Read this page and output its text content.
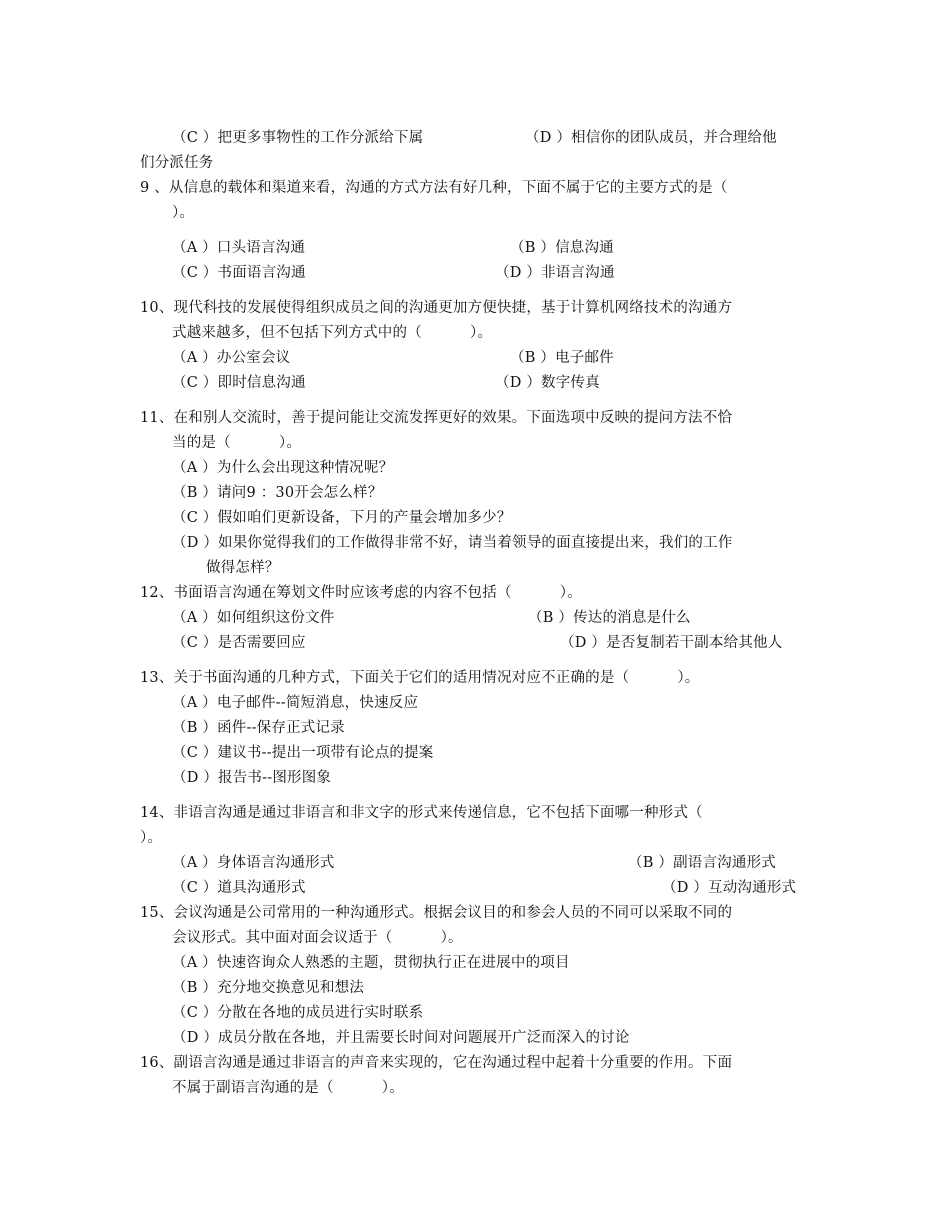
（C ）把更多事物性的工作分派给下属	（D ）相信你的团队成员，并合理给他
们分派任务
9 、从信息的载体和渠道来看，沟通的方式方法有好几种，下面不属于它的主要方式的是（
）。
（A ）口头语言沟通	（B ）信息沟通
（C ）书面语言沟通	（D ）非语言沟通
10、现代科技的发展使得组织成员之间的沟通更加方便快捷，基于计算机网络技术的沟通方
式越来越多，但不包括下列方式中的（          ）。
（A ）办公室会议	（B ）电子邮件
（C ）即时信息沟通	（D ）数字传真
11、在和别人交流时，善于提问能让交流发挥更好的效果。下面选项中反映的提问方法不恰
当的是（          ）。
（A ）为什么会出现这种情况呢？
（B ）请问9 ：30开会怎么样？
（C ）假如咱们更新设备，下月的产量会增加多少？
（D ）如果你觉得我们的工作做得非常不好，请当着领导的面直接提出来，我们的工作
做得怎样？
12、书面语言沟通在筹划文件时应该考虑的内容不包括（          ）。
（A ）如何组织这份文件	（B ）传达的消息是什么
（C ）是否需要回应	（D ）是否复制若干副本给其他人
13、关于书面沟通的几种方式，下面关于它们的适用情况对应不正确的是（          ）。
（A ）电子邮件--简短消息，快速反应
（B ）函件--保存正式记录
（C ）建议书--提出一项带有论点的提案
（D ）报告书--图形图象
14、非语言沟通是通过非语言和非文字的形式来传递信息，它不包括下面哪一种形式（
）。
（A ）身体语言沟通形式	（B ）副语言沟通形式
（C ）道具沟通形式	（D ）互动沟通形式
15、会议沟通是公司常用的一种沟通形式。根据会议目的和参会人员的不同可以采取不同的
会议形式。其中面对面会议适于（          ）。
（A ）快速咨询众人熟悉的主题，贯彻执行正在进展中的项目
（B ）充分地交换意见和想法
（C ）分散在各地的成员进行实时联系
（D ）成员分散在各地，并且需要长时间对问题展开广泛而深入的讨论
16、副语言沟通是通过非语言的声音来实现的，它在沟通过程中起着十分重要的作用。下面
不属于副语言沟通的是（          ）。
